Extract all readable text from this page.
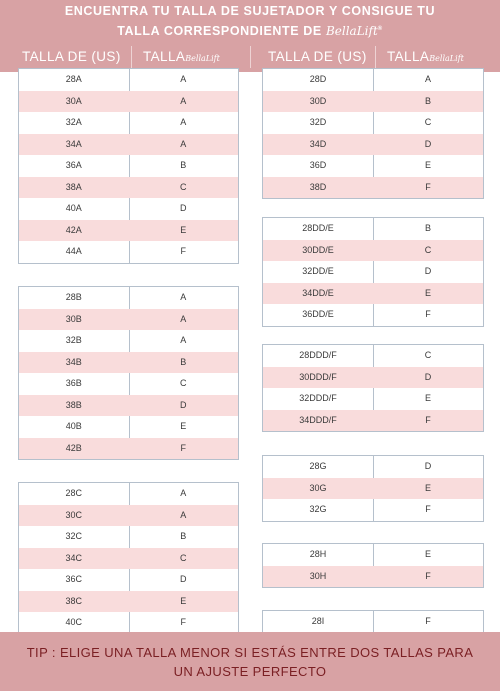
ENCUENTRA TU TALLA DE SUJETADOR Y CONSIGUE TU
TALLA CORRESPONDIENTE DE BellaLift®
TALLA DE (US) TALLABellaLift	TALLA DE (US) TALLABellaLift
28A	A
30A	A
32A	A
34A	A
36A	B
38A	C
40A	D
42A	E
44A	F
28B	A
30B	A
32B	A
34B	B
36B	C
38B	D
40B	E
42B	F
28C	A
30C	A
32C	B
34C	C
36C	D
38C	E
40C	F
28D	A
30D	B
32D	C
34D	D
36D	E
38D	F
28DD/E	B
30DD/E	C
32DD/E	D
34DD/E	E
36DD/E	F
28DDD/F	C
30DDD/F	D
32DDD/F	E
34DDD/F	F
28G	D
30G	E
32G	F
28H	E
30H	F
28I	F
TIP : ELIGE UNA TALLA MENOR SI ESTÁS ENTRE DOS TALLAS PARA
UN AJUSTE PERFECTO
